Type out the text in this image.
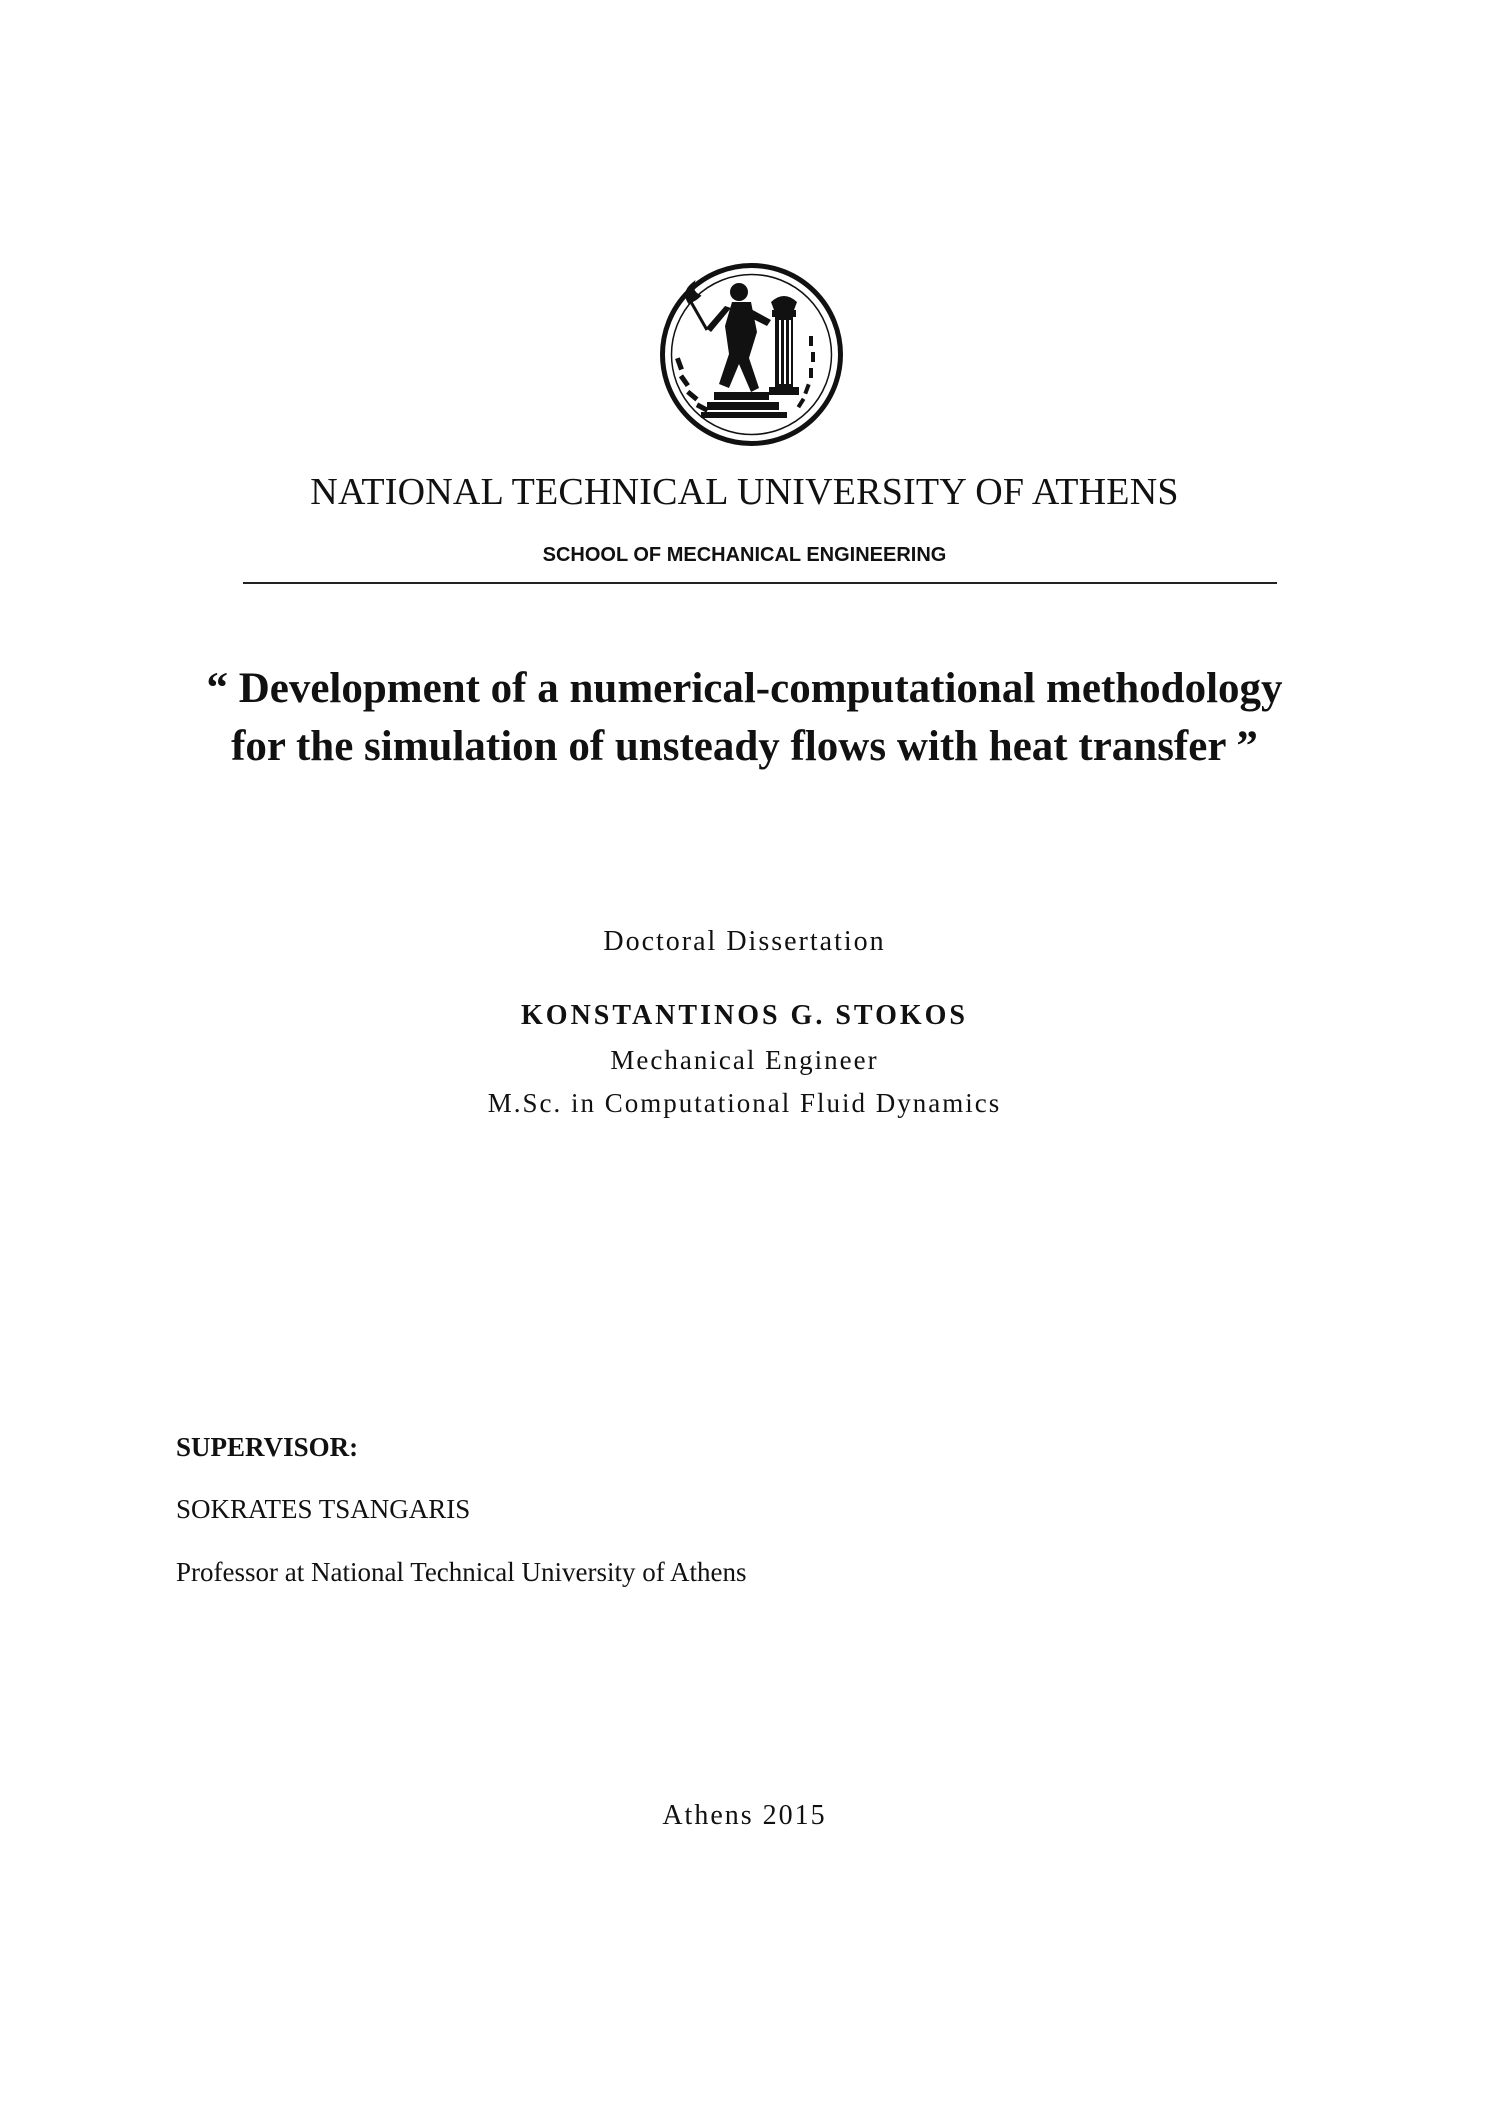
NATIONAL TECHNICAL UNIVERSITY OF ATHENS
SCHOOL OF MECHANICAL ENGINEERING
“ Development of a numerical-computational methodology
for the simulation of unsteady flows with heat transfer ”
Doctoral Dissertation
KONSTANTINOS G. STOKOS
Mechanical Engineer
M.Sc. in Computational Fluid Dynamics
SUPERVISOR:
SOKRATES TSANGARIS
Professor at National Technical University of Athens
Athens 2015
